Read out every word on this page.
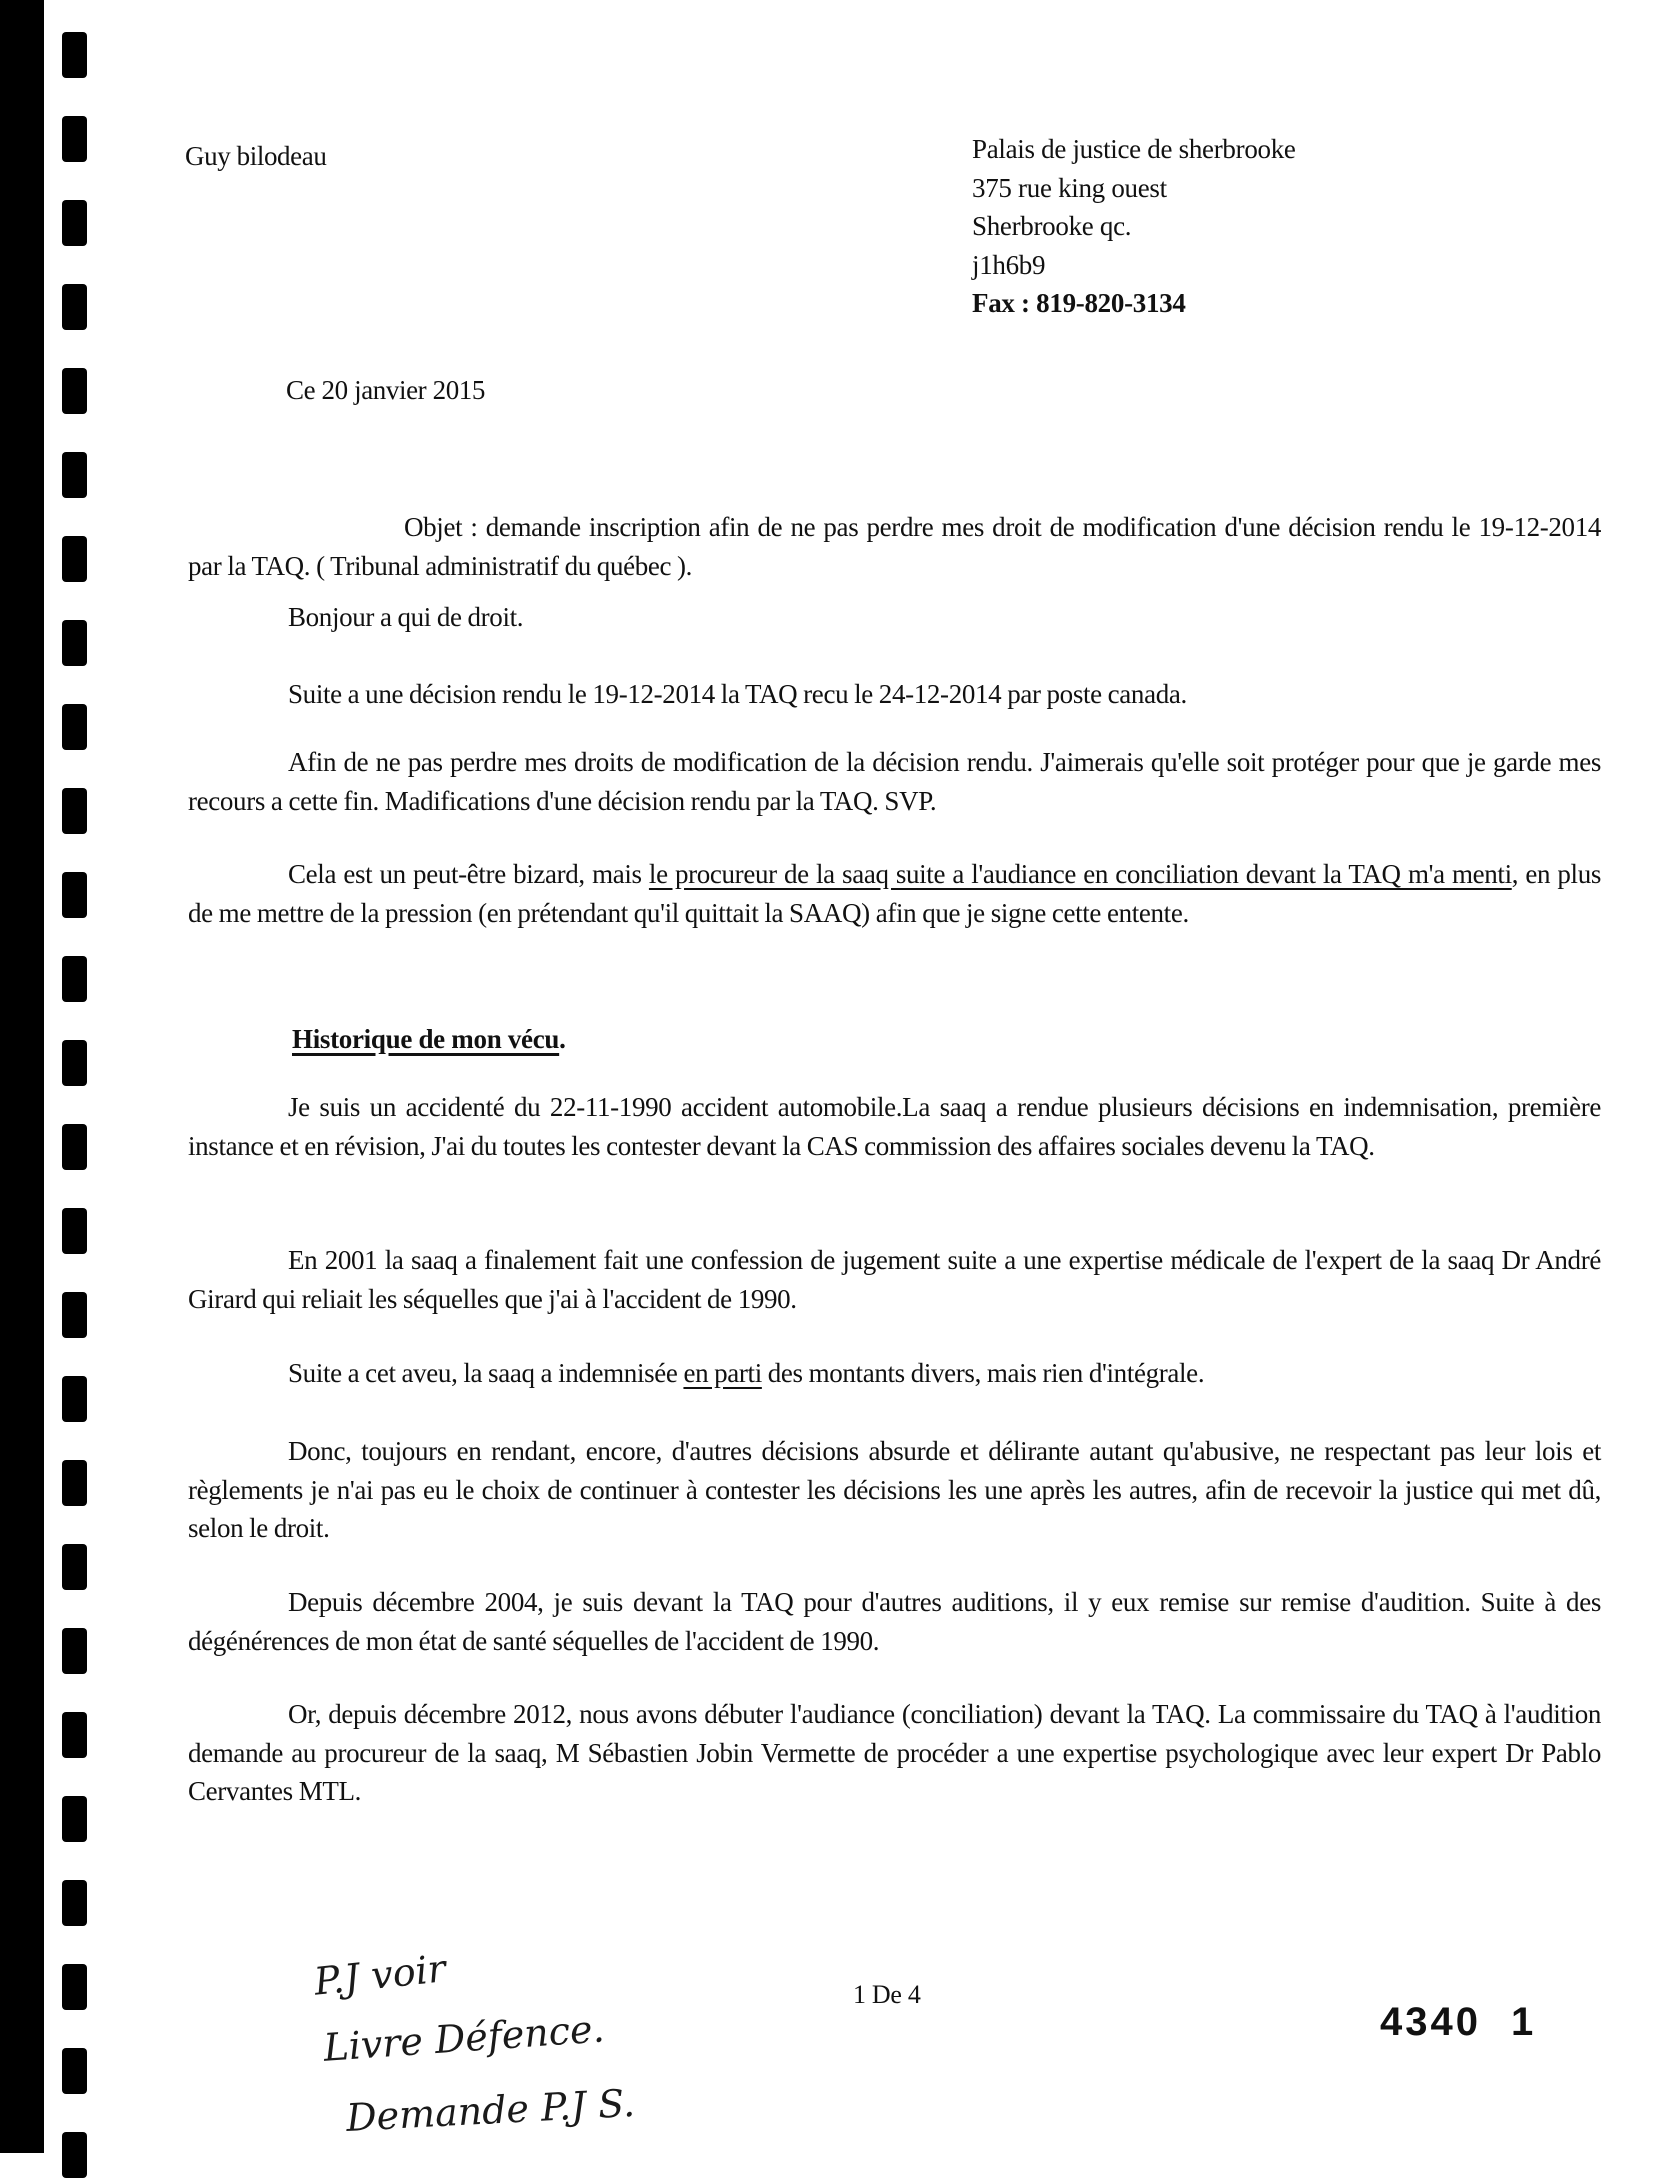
Guy bilodeau	Palais de justice de sherbrooke
375 rue king ouest
Sherbrooke qc.
j1h6b9
Fax : 819-820-3134
Ce 20 janvier 2015
Objet : demande inscription afin de ne pas perdre mes droit de modification d'une décision rendu le 19-12-2014 par la TAQ. ( Tribunal administratif du québec ).
Bonjour a qui de droit.
Suite a une décision rendu le 19-12-2014 la TAQ recu le 24-12-2014 par poste canada.
Afin de ne pas perdre mes droits de modification de la décision rendu. J'aimerais qu'elle soit protéger pour que je garde mes recours a cette fin. Madifications d'une décision rendu par la TAQ. SVP.
Cela est un peut-être bizard, mais le procureur de la saaq suite a l'audiance en conciliation devant la TAQ m'a menti, en plus de me mettre de la pression (en prétendant qu'il quittait la SAAQ) afin que je signe cette entente.
Historique de mon vécu.
Je suis un accidenté du 22-11-1990 accident automobile.La saaq a rendue plusieurs décisions en indemnisation, première instance et en révision, J'ai du toutes les contester devant la CAS commission des affaires sociales devenu la TAQ.
En 2001 la saaq a finalement fait une confession de jugement suite a une expertise médicale de l'expert de la saaq Dr André Girard qui reliait les séquelles que j'ai à l'accident de 1990.
Suite a cet aveu, la saaq a indemnisée en parti des montants divers, mais rien d'intégrale.
Donc, toujours en rendant, encore, d'autres décisions absurde et délirante autant qu'abusive, ne respectant pas leur lois et règlements je n'ai pas eu le choix de continuer à contester les décisions les une après les autres, afin de recevoir la justice qui met dû, selon le droit.
Depuis décembre 2004, je suis devant la TAQ pour d'autres auditions, il y eux remise sur remise d'audition. Suite à des dégénérences de mon état de santé séquelles de l'accident de 1990.
Or, depuis décembre 2012, nous avons débuter l'audiance (conciliation) devant la TAQ. La commissaire du TAQ à l'audition demande au procureur de la saaq, M Sébastien Jobin Vermette de procéder a une expertise psychologique avec leur expert Dr Pablo Cervantes MTL.
P.J voir
Livre Défence.
Demande P.J S.
1 De 4
4340 1
